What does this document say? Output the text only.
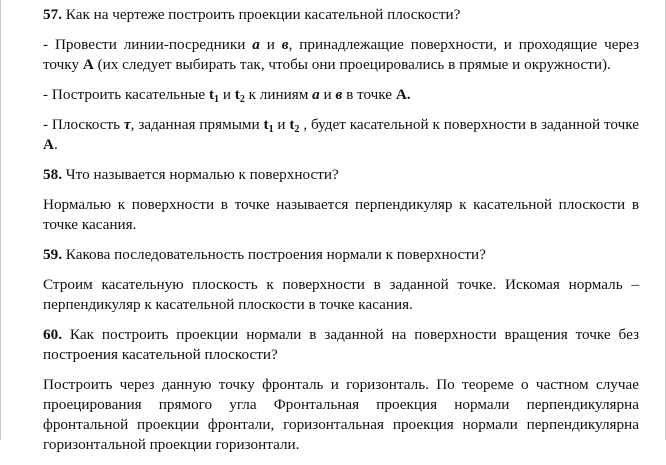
57. Как на чертеже построить проекции касательной плоскости?

- Провести линии-посредники а и в, принадлежащие поверхности, и проходящие через точку А (их следует выбирать так, чтобы они проецировались в прямые и окружности).

- Построить касательные $t_1$ и $t_2$ к линиям а и в в точке А.

- Плоскость τ, заданная прямыми $t_1$ и $t_2$ , будет касательной к поверхности в заданной точке А.

58. Что называется нормалью к поверхности?

Нормалью к поверхности в точке называется перпендикуляр к касательной плоскости в точке касания.

59. Какова последовательность построения нормали к поверхности?

Строим касательную плоскость к поверхности в заданной точке. Искомая нормаль – перпендикуляр к касательной плоскости в точке касания.

60. Как построить проекции нормали в заданной на поверхности вращения точке без построения касательной плоскости?

Построить через данную точку фронталь и горизонталь. По теореме о частном случае проецирования прямого угла Фронтальная проекция нормали перпендикулярна фронтальной проекции фронтали, горизонтальная проекция нормали перпендикулярна горизонтальной проекции горизонтали.
